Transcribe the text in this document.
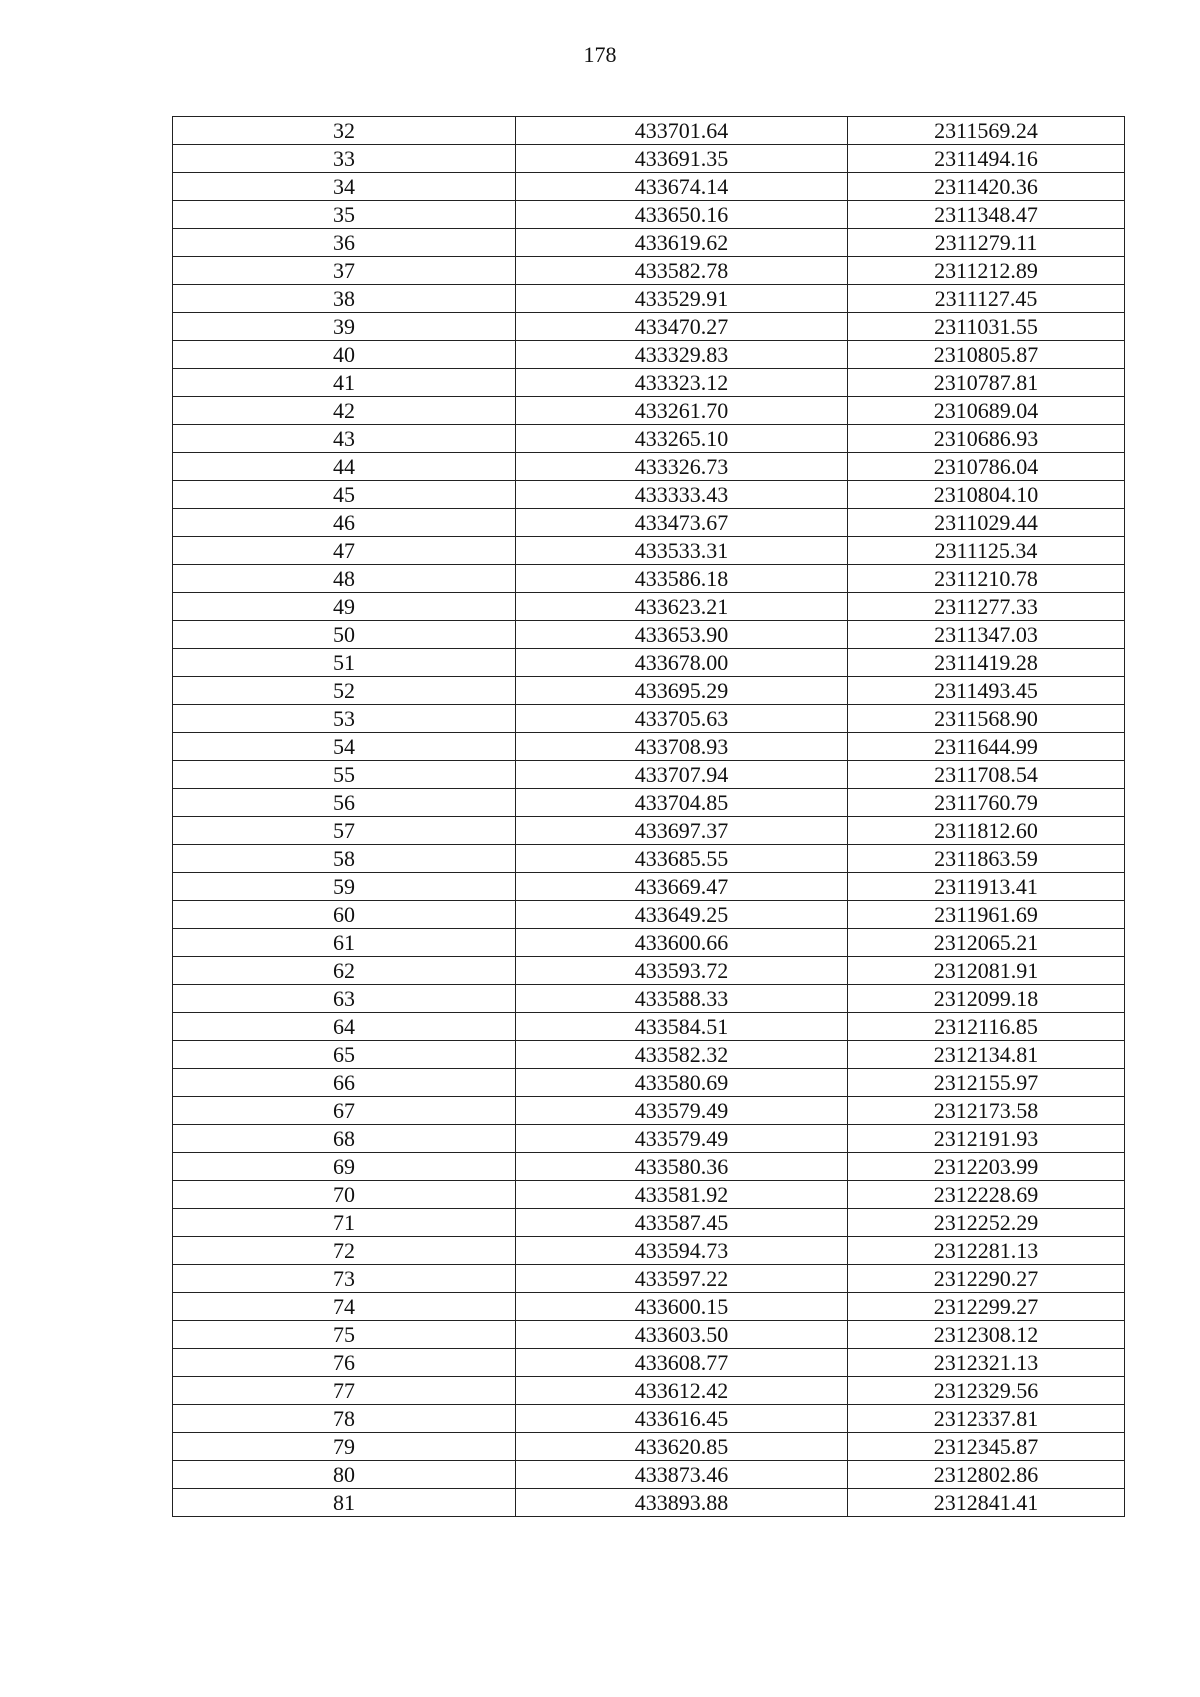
178
32	433701.64	2311569.24
33	433691.35	2311494.16
34	433674.14	2311420.36
35	433650.16	2311348.47
36	433619.62	2311279.11
37	433582.78	2311212.89
38	433529.91	2311127.45
39	433470.27	2311031.55
40	433329.83	2310805.87
41	433323.12	2310787.81
42	433261.70	2310689.04
43	433265.10	2310686.93
44	433326.73	2310786.04
45	433333.43	2310804.10
46	433473.67	2311029.44
47	433533.31	2311125.34
48	433586.18	2311210.78
49	433623.21	2311277.33
50	433653.90	2311347.03
51	433678.00	2311419.28
52	433695.29	2311493.45
53	433705.63	2311568.90
54	433708.93	2311644.99
55	433707.94	2311708.54
56	433704.85	2311760.79
57	433697.37	2311812.60
58	433685.55	2311863.59
59	433669.47	2311913.41
60	433649.25	2311961.69
61	433600.66	2312065.21
62	433593.72	2312081.91
63	433588.33	2312099.18
64	433584.51	2312116.85
65	433582.32	2312134.81
66	433580.69	2312155.97
67	433579.49	2312173.58
68	433579.49	2312191.93
69	433580.36	2312203.99
70	433581.92	2312228.69
71	433587.45	2312252.29
72	433594.73	2312281.13
73	433597.22	2312290.27
74	433600.15	2312299.27
75	433603.50	2312308.12
76	433608.77	2312321.13
77	433612.42	2312329.56
78	433616.45	2312337.81
79	433620.85	2312345.87
80	433873.46	2312802.86
81	433893.88	2312841.41
